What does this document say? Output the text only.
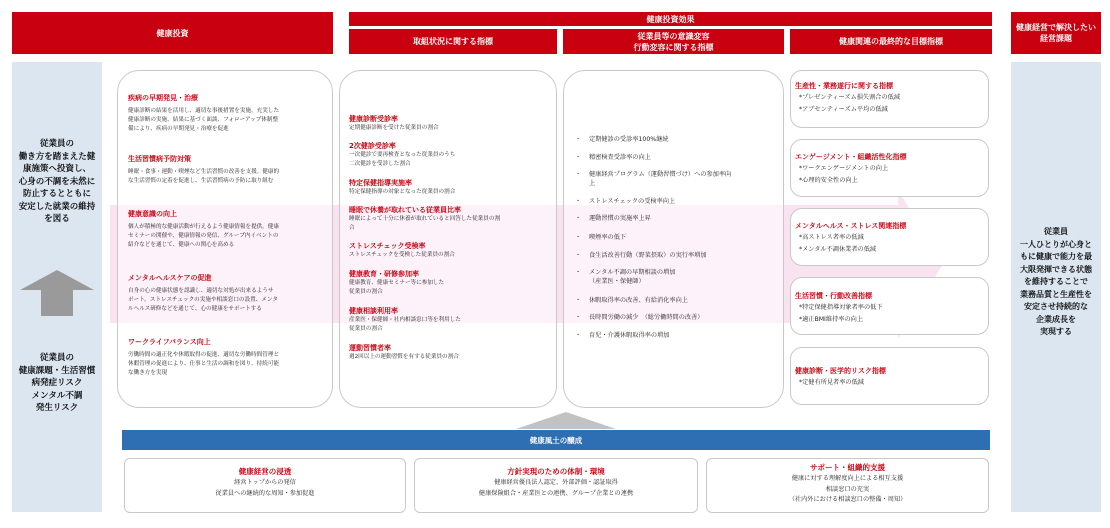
健康投資
健康投資効果
取組状況に関する指標
従業員等の意識変容
行動変容に関する指標
健康関連の最終的な目標指標
健康経営で解決したい経営課題
従業員の
働き方を踏まえた健
康施策へ投資し、
心身の不調を未然に
防止するとともに
安定した就業の維持
を図る
従業員の
健康課題・生活習慣
病発症リスク
メンタル不調
発生リスク
従業員
一人ひとりが心身と
もに健康で能力を最
大限発揮できる状態
を維持することで
業務品質と生産性を
安定させ持続的な
企業成長を
実現する
疾病の早期発見・治療
健康診断の結果を活用し、適切な事後措置を実施。充実した
健康診断の実施、結果に基づく面談、フォローアップ体制整
備により、疾病の早期発見・治療を促進
生活習慣病予防対策
睡眠・食事・運動・喫煙など生活習慣の改善を支援。健康的
な生活習慣の定着を促進し、生活習慣病の予防に取り組む
健康意識の向上
個人が積極的な健康活動が行えるよう健康情報を提供。健康
セミナーの開催や、健康情報の発信、グループ内イベントの
紹介などを通じて、健康への関心を高める
メンタルヘルスケアの促進
自身の心の健康状態を認識し、適切な対処が出来るようサ
ポート。ストレスチェックの実施や相談窓口の設置、メンタ
ルヘルス研修などを通じて、心の健康をサポートする
ワークライフバランス向上
労働時間の適正化や休暇取得の促進、適切な労働時間管理と
休暇管理の促進により、仕事と生活の調和を図り、持続可能
な働き方を実現
健康診断受診率
定期健康診断を受けた従業員の割合
2次健診受診率
一次健診で要再検査となった従業員のうち
二次健診を受診した割合
特定保健指導実施率
特定保健指導の対象となった従業員の割合
睡眠で休養が取れている従業員比率
睡眠によって十分に休養が取れていると回答した従業員の割
合
ストレスチェック受検率
ストレスチェックを受検した従業員の割合
健康教育・研修参加率
健康教育、健康セミナー等に参加した
従業員の割合
健康相談利用率
産業医・保健師・社内相談窓口等を利用した
従業員の割合
運動習慣者率
週2回以上の運動習慣を有する従業員の割合
・	定期健診の受診率100%継続
・	精密検査受診率の向上
・	健康経営プログラム（運動習慣づけ）への参加率向
上
・	ストレスチェックの受検率向上
・	運動習慣の実施率上昇
・	喫煙率の低下
・	食生活改善行動（野菜摂取）の実行率増加
・	メンタル不調の早期相談の増加
（産業医・保健師）
・	休暇取得率の改善、有給消化率向上
・	長時間労働の減少　（総労働時間の改善）
・	育児・介護休暇取得率の増加
生産性・業務遂行に関する指標
*プレゼンティーズム損失割合の低減
*アブセンティーズム平均の低減
エンゲージメント・組織活性化指標
*ワークエンゲージメントの向上
*心理的安全性の向上
メンタルヘルス・ストレス関連指標
*高ストレス者率の低減
*メンタル不調休業者の低減
生活習慣・行動改善指標
*特定保健指導対象者率の低下
*適正BMI維持率の向上
健康診断・医学的リスク指標
*定健有所見者率の低減
健康風土の醸成
健康経営の浸透
経営トップからの発信
従業員への継続的な周知・参加促進
方針実現のための体制・環境
健康経営優良法人認定、外部評価・認証取得
健康保険組合・産業医との連携、グループ企業との連携
サポート・組織的支援
健康に対する理解度向上による相互支援
相談窓口の充実
（社内外における相談窓口の整備・周知）
